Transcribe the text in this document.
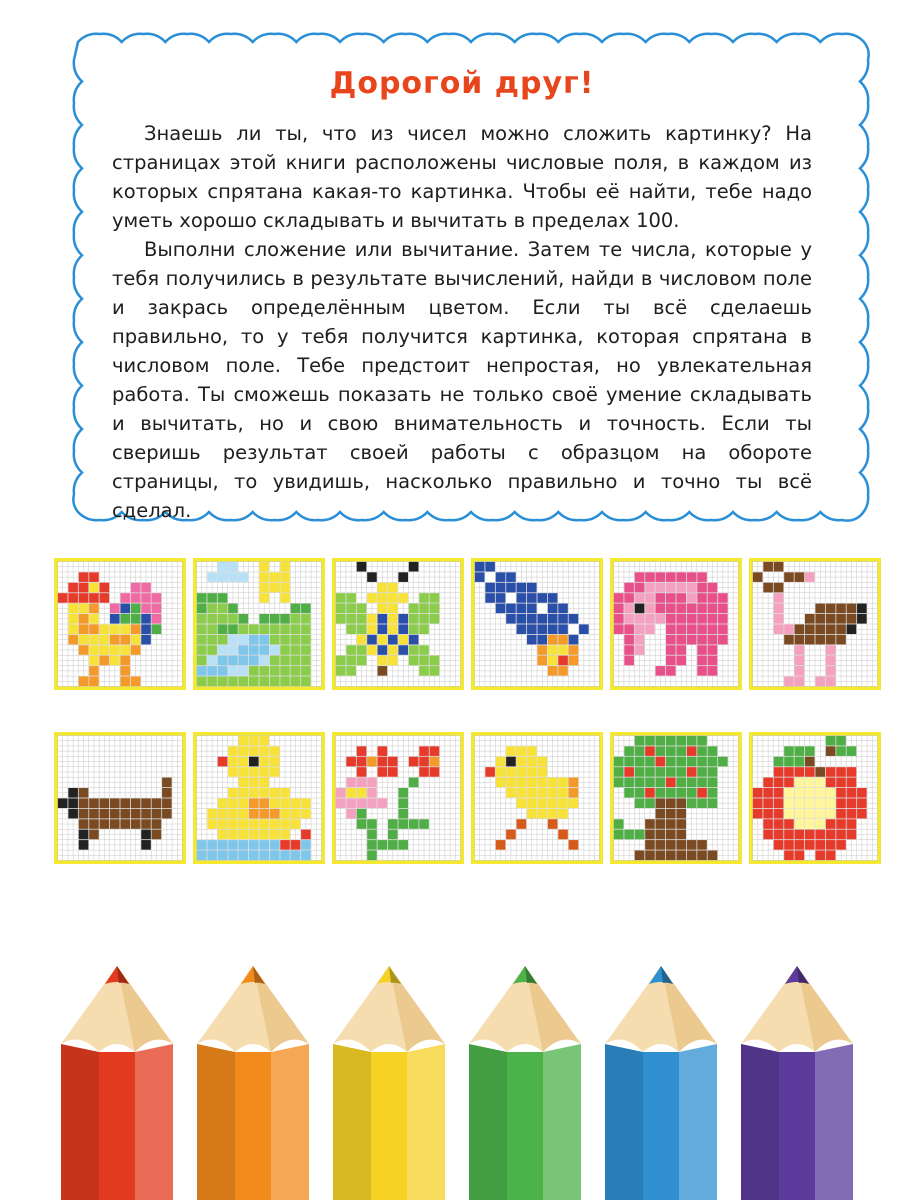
Дорогой друг!

Знаешь ли ты, что из чисел можно сложить картинку? На страницах этой книги расположены числовые поля, в каждом из которых спрятана какая-то картинка. Чтобы её найти, тебе надо уметь хорошо складывать и вычитать в пределах 100.

Выполни сложение или вычитание. Затем те числа, которые у тебя получились в результате вычислений, найди в числовом поле и закрась определённым цветом. Если ты всё сделаешь правильно, то у тебя получится картинка, которая спрятана в числовом поле. Тебе предстоит непростая, но увлекательная работа. Ты сможешь показать не только своё умение складывать и вычитать, но и свою внимательность и точность. Если ты сверишь результат своей работы с образцом на обороте страницы, то увидишь, насколько правильно и точно ты всё сделал.
